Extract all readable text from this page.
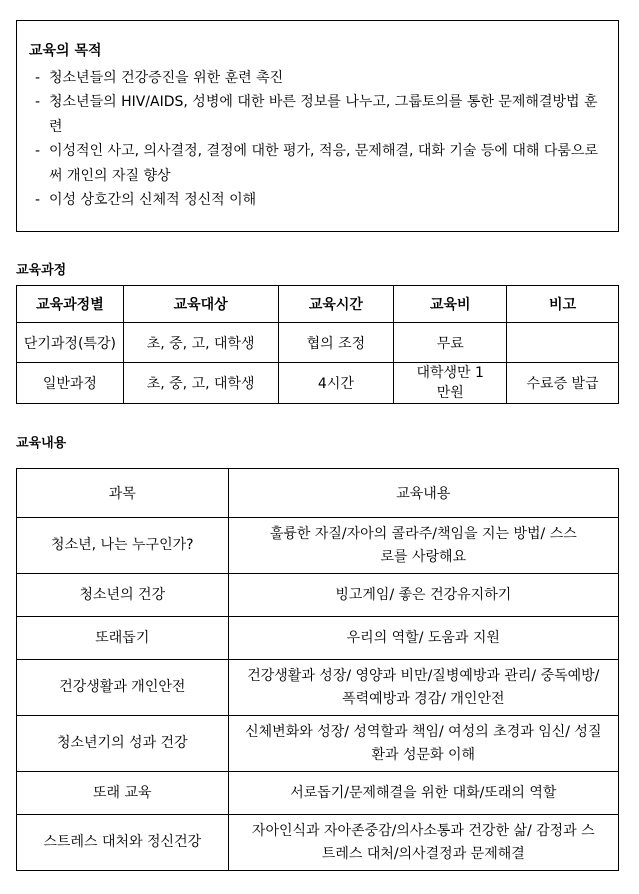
교육의 목적
- 청소년들의 건강증진을 위한 훈련 촉진
- 청소년들의 HIV/AIDS, 성병에 대한 바른 정보를 나누고, 그룹토의를 통한 문제해결방법 훈련
- 이성적인 사고, 의사결정, 결정에 대한 평가, 적응, 문제해결, 대화 기술 등에 대해 다룸으로써 개인의 자질 향상
- 이성 상호간의 신체적 정신적 이해
교육과정
교육과정별	교육대상	교육시간	교육비	비고
단기과정(특강)	초, 중, 고, 대학생	협의 조정	무료	
일반과정	초, 중, 고, 대학생	4시간	대학생만 1만원	수료증 발급
교육내용
과목	교육내용
청소년, 나는 누구인가?	훌륭한 자질/자아의 콜라주/책임을 지는 방법/ 스스로를 사랑해요
청소년의 건강	빙고게임/ 좋은 건강유지하기
또래돕기	우리의 역할/ 도움과 지원
건강생활과 개인안전	건강생활과 성장/ 영양과 비만/질병예방과 관리/ 중독예방/폭력예방과 경감/ 개인안전
청소년기의 성과 건강	신체변화와 성장/ 성역할과 책임/ 여성의 초경과 임신/ 성질환과 성문화 이해
또래 교육	서로돕기/문제해결을 위한 대화/또래의 역할
스트레스 대처와 정신건강	자아인식과 자아존중감/의사소통과 건강한 삶/ 감정과 스트레스 대처/의사결정과 문제해결
